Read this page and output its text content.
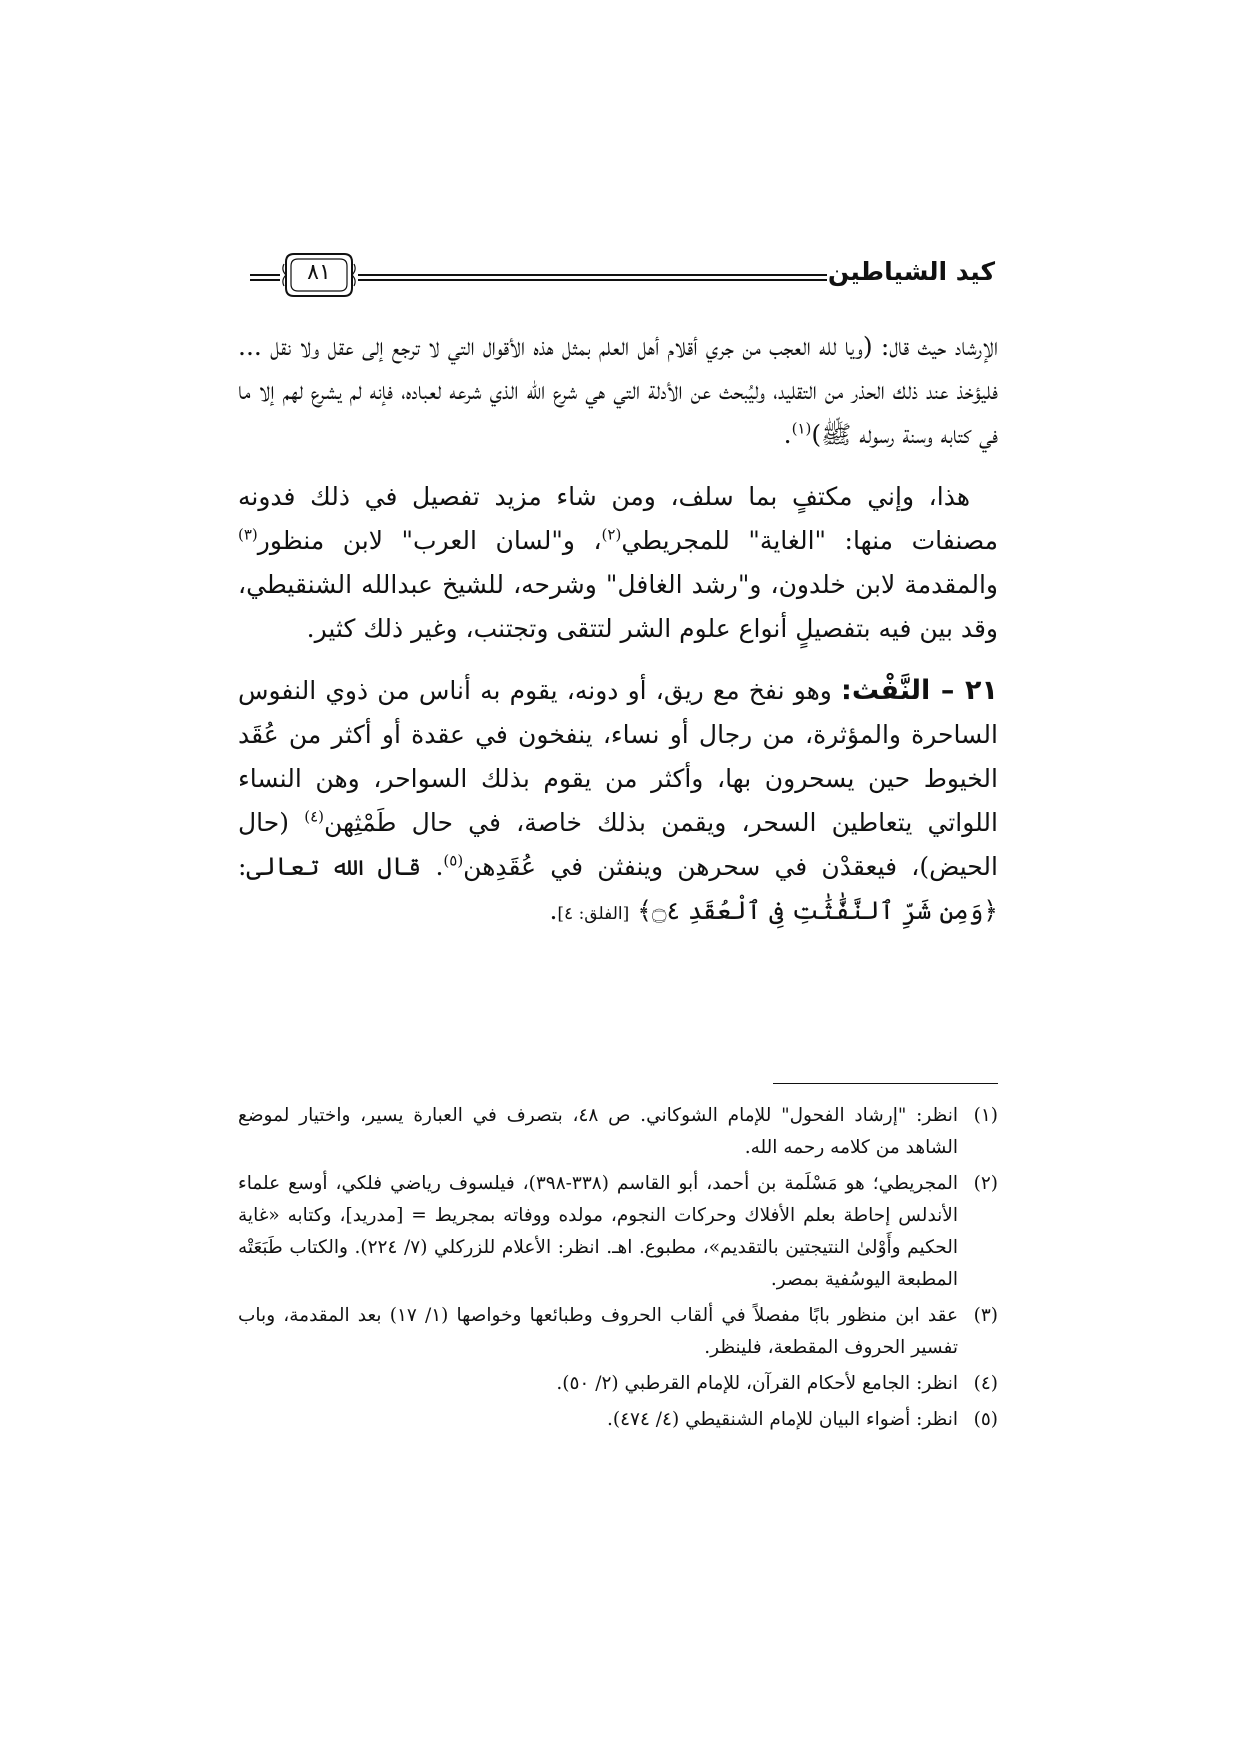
كيد الشياطين
٨١

الإرشاد حيث قال: (ويا لله العجب من جري أقلام أهل العلم بمثل هذه الأقوال التي لا ترجع إلى عقل ولا نقل ... فليؤخذ عند ذلك الحذر من التقليد، وليُبحث عن الأدلة التي هي شرع الله الذي شرعه لعباده، فإنه لم يشرع لهم إلا ما في كتابه وسنة رسوله ﷺ)$^{(١)}$.

هذا، وإني مكتفٍ بما سلف، ومن شاء مزيد تفصيل في ذلك فدونه مصنفات منها: "الغاية" للمجريطي$^{(٢)}$، و"لسان العرب" لابن منظور$^{(٣)}$ والمقدمة لابن خلدون، و"رشد الغافل" وشرحه، للشيخ عبدالله الشنقيطي، وقد بين فيه بتفصيلٍ أنواع علوم الشر لتتقى وتجتنب، وغير ذلك كثير.

٢١ – النَّفْث: وهو نفخ مع ريق، أو دونه، يقوم به أناس من ذوي النفوس الساحرة والمؤثرة، من رجال أو نساء، ينفخون في عقدة أو أكثر من عُقَد الخيوط حين يسحرون بها، وأكثر من يقوم بذلك السواحر، وهن النساء اللواتي يتعاطين السحر، ويقمن بذلك خاصة، في حال طَمْثِهن$^{(٤)}$ (حال الحيض)، فيعقدْن في سحرهن وينفثن في عُقَدِهن$^{(٥)}$. قال الله تعالى: ﴿وَمِن شَرِّ ٱلنَّفَّٰثَٰتِ فِى ٱلْعُقَدِ ۝٤﴾ [الفلق: ٤].

(١)
انظر: "إرشاد الفحول" للإمام الشوكاني. ص ٤٨، بتصرف في العبارة يسير، واختيار لموضع الشاهد من كلامه رحمه الله.
(٢)
المجريطي؛ هو مَسْلَمة بن أحمد، أبو القاسم (٣٣٨-٣٩٨)، فيلسوف رياضي فلكي، أوسع علماء الأندلس إحاطة بعلم الأفلاك وحركات النجوم، مولده ووفاته بمجريط = [مدريد]، وكتابه «غاية الحكيم وأَوْلىٰ النتيجتين بالتقديم»، مطبوع. اهـ. انظر: الأعلام للزركلي (٧/ ٢٢٤). والكتاب طَبَعَتْه المطبعة اليوسُفية بمصر.
(٣)
عقد ابن منظور بابًا مفصلاً في ألقاب الحروف وطبائعها وخواصها (١/ ١٧) بعد المقدمة، وباب تفسير الحروف المقطعة، فلينظر.
(٤)
انظر: الجامع لأحكام القرآن، للإمام القرطبي (٢/ ٥٠).
(٥)
انظر: أضواء البيان للإمام الشنقيطي (٤/ ٤٧٤).
